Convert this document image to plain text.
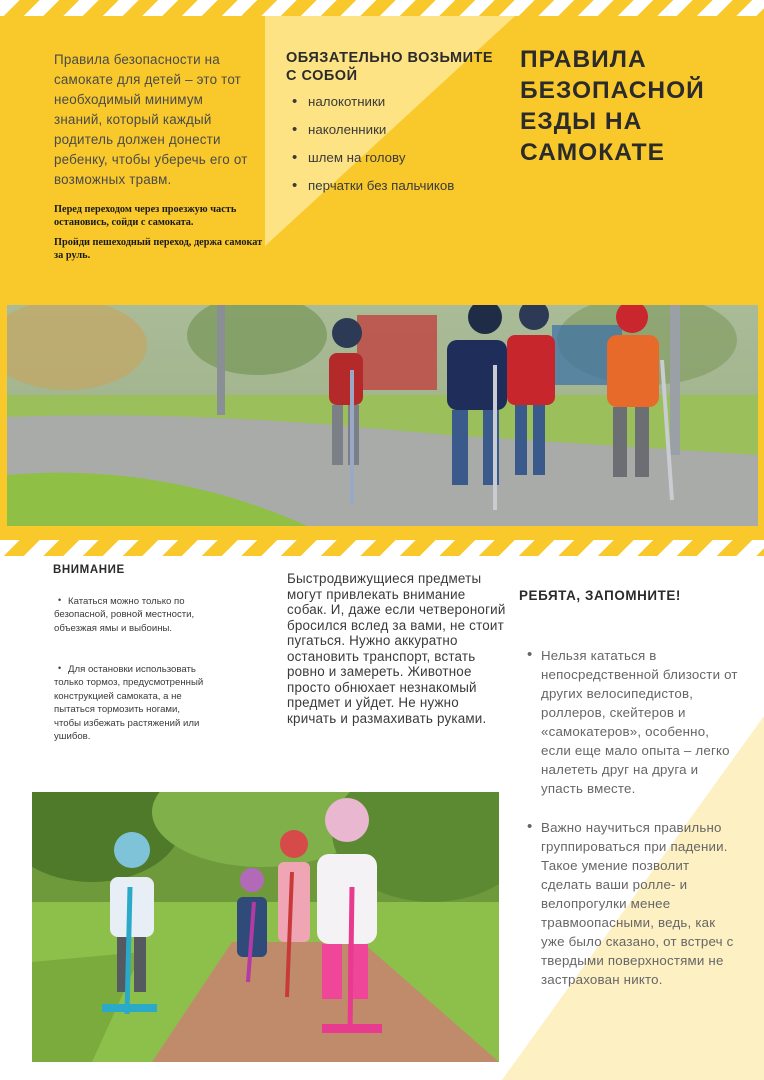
Правила безопасности на самокате для детей – это тот необходимый минимум знаний, который каждый родитель должен донести ребенку, чтобы уберечь его от возможных травм.
Перед переходом через проезжую часть остановись, сойди с самоката.
Пройди пешеходный переход, держа самокат за руль.
ОБЯЗАТЕЛЬНО ВОЗЬМИТЕ С СОБОЙ
• налокотники
• наколенники
• шлем на голову
• перчатки без пальчиков
ПРАВИЛА БЕЗОПАСНОЙ ЕЗДЫ НА САМОКАТЕ
ВНИМАНИЕ
• Кататься можно только по безопасной, ровной местности, объезжая ямы и выбоины.
• Для остановки использовать только тормоз, предусмотренный конструкцией самоката, а не пытаться тормозить ногами, чтобы избежать растяжений или ушибов.
Быстродвижущиеся предметы могут привлекать внимание собак. И, даже если четвероногий бросился вслед за вами, не стоит пугаться. Нужно аккуратно остановить транспорт, встать ровно и замереть. Животное просто обнюхает незнакомый предмет и уйдет. Не нужно кричать и размахивать руками.
РЕБЯТА, ЗАПОМНИТЕ!
• Нельзя кататься в непосредственной близости от других велосипедистов, роллеров, скейтеров и «самокатеров», особенно, если еще мало опыта – легко налететь друг на друга и упасть вместе.
• Важно научиться правильно группироваться при падении. Такое умение позволит сделать ваши ролле- и велопрогулки менее травмоопасными, ведь, как уже было сказано, от встреч с твердыми поверхностями не застрахован никто.
